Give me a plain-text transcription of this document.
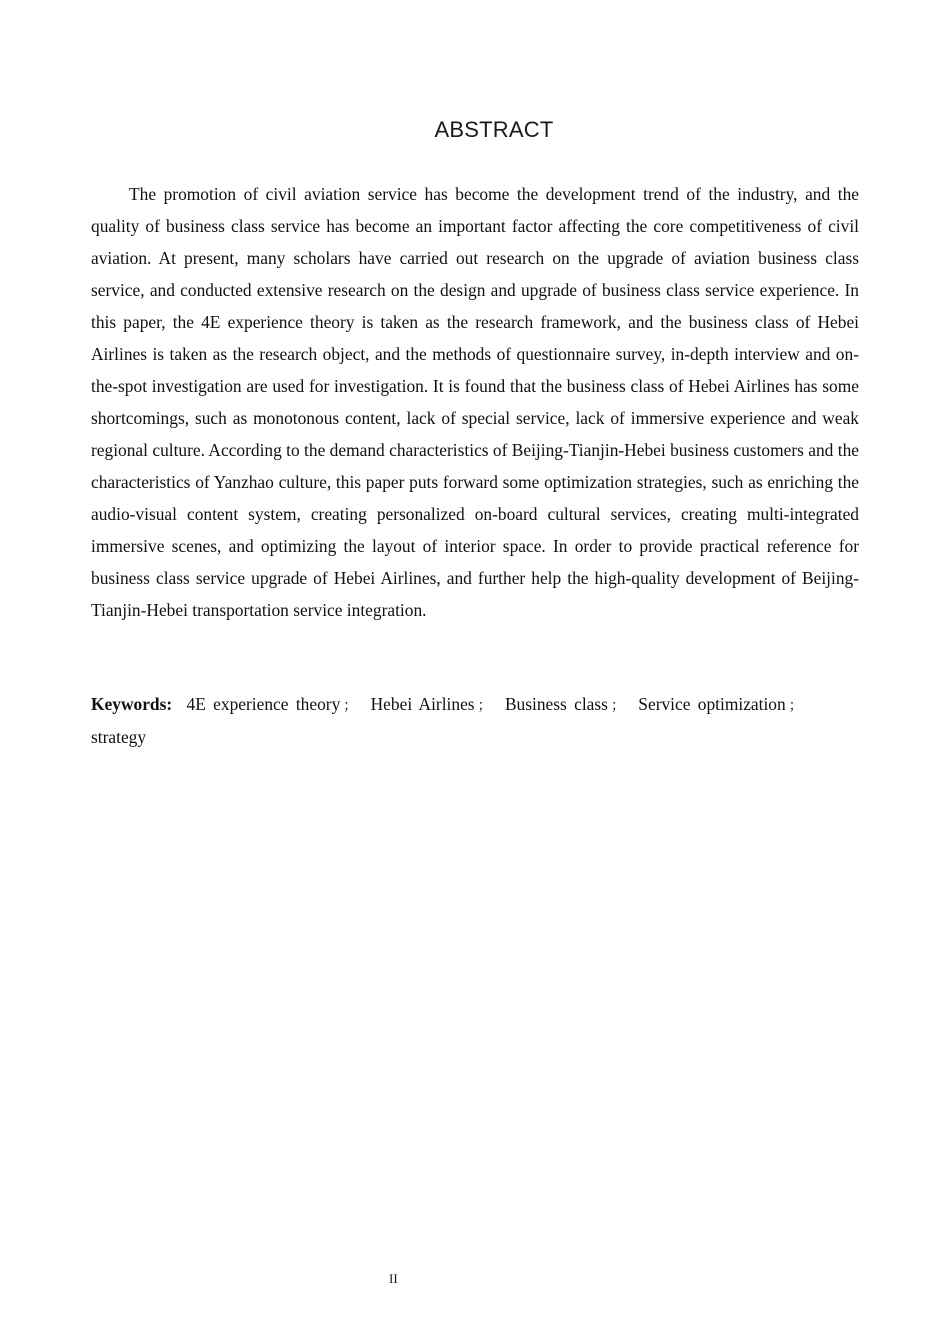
ABSTRACT

The promotion of civil aviation service has become the development trend of the industry, and the quality of business class service has become an important factor affecting the core competitiveness of civil aviation. At present, many scholars have carried out research on the upgrade of aviation business class service, and conducted extensive research on the design and upgrade of business class service experience. In this paper, the 4E experience theory is taken as the research framework, and the business class of Hebei Airlines is taken as the research object, and the methods of questionnaire survey, in-depth interview and on-the-spot investigation are used for investigation. It is found that the business class of Hebei Airlines has some shortcomings, such as monotonous content, lack of special service, lack of immersive experience and weak regional culture. According to the demand characteristics of Beijing-Tianjin-Hebei business customers and the characteristics of Yanzhao culture, this paper puts forward some optimization strategies, such as enriching the audio-visual content system, creating personalized on-board cultural services, creating multi-integrated immersive scenes, and optimizing the layout of interior space. In order to provide practical reference for business class service upgrade of Hebei Airlines, and further help the high-quality development of Beijing-Tianjin-Hebei transportation service integration.

Keywords: 4E experience theory ； Hebei Airlines ； Business class ； Service optimization ； strategy

II
